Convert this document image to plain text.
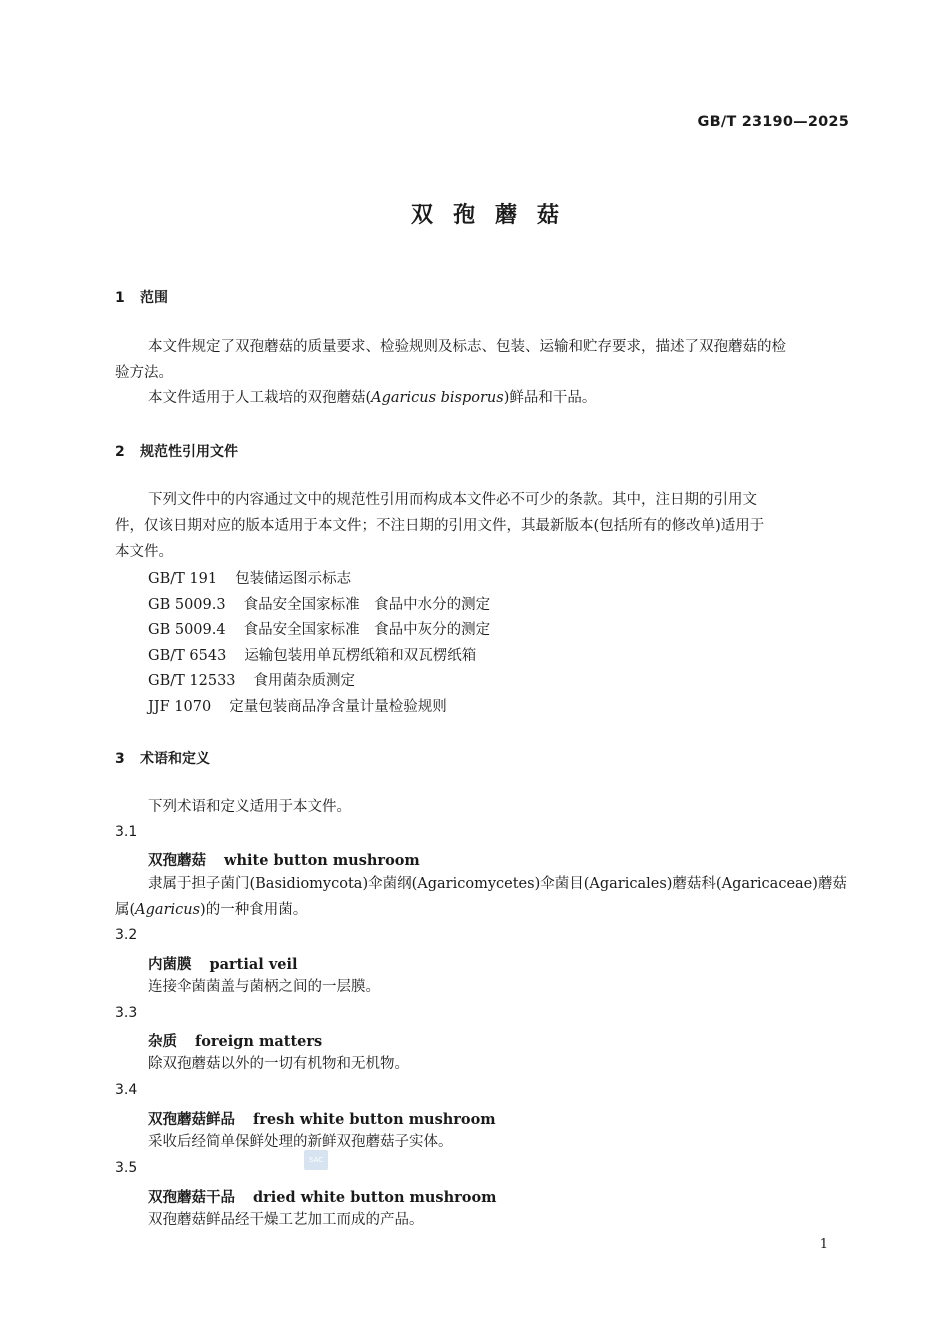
GB/T 23190—2025
双孢蘑菇
1 范围
本文件规定了双孢蘑菇的质量要求、检验规则及标志、包装、运输和贮存要求，描述了双孢蘑菇的检
验方法。
本文件适用于人工栽培的双孢蘑菇(Agaricus bisporus)鲜品和干品。
2 规范性引用文件
下列文件中的内容通过文中的规范性引用而构成本文件必不可少的条款。其中，注日期的引用文
件，仅该日期对应的版本适用于本文件；不注日期的引用文件，其最新版本(包括所有的修改单)适用于
本文件。
GB/T 191 包装储运图示标志
GB 5009.3 食品安全国家标准　食品中水分的测定
GB 5009.4 食品安全国家标准　食品中灰分的测定
GB/T 6543 运输包装用单瓦楞纸箱和双瓦楞纸箱
GB/T 12533 食用菌杂质测定
JJF 1070 定量包装商品净含量计量检验规则
3 术语和定义
下列术语和定义适用于本文件。
3.1
双孢蘑菇 white button mushroom
隶属于担子菌门(Basidiomycota)伞菌纲(Agaricomycetes)伞菌目(Agaricales)蘑菇科(Agaricaceae)蘑菇
属(Agaricus)的一种食用菌。
3.2
内菌膜 partial veil
连接伞菌菌盖与菌柄之间的一层膜。
3.3
杂质 foreign matters
除双孢蘑菇以外的一切有机物和无机物。
3.4
双孢蘑菇鲜品 fresh white button mushroom
采收后经简单保鲜处理的新鲜双孢蘑菇子实体。
SAC
3.5
双孢蘑菇干品 dried white button mushroom
双孢蘑菇鲜品经干燥工艺加工而成的产品。
1
